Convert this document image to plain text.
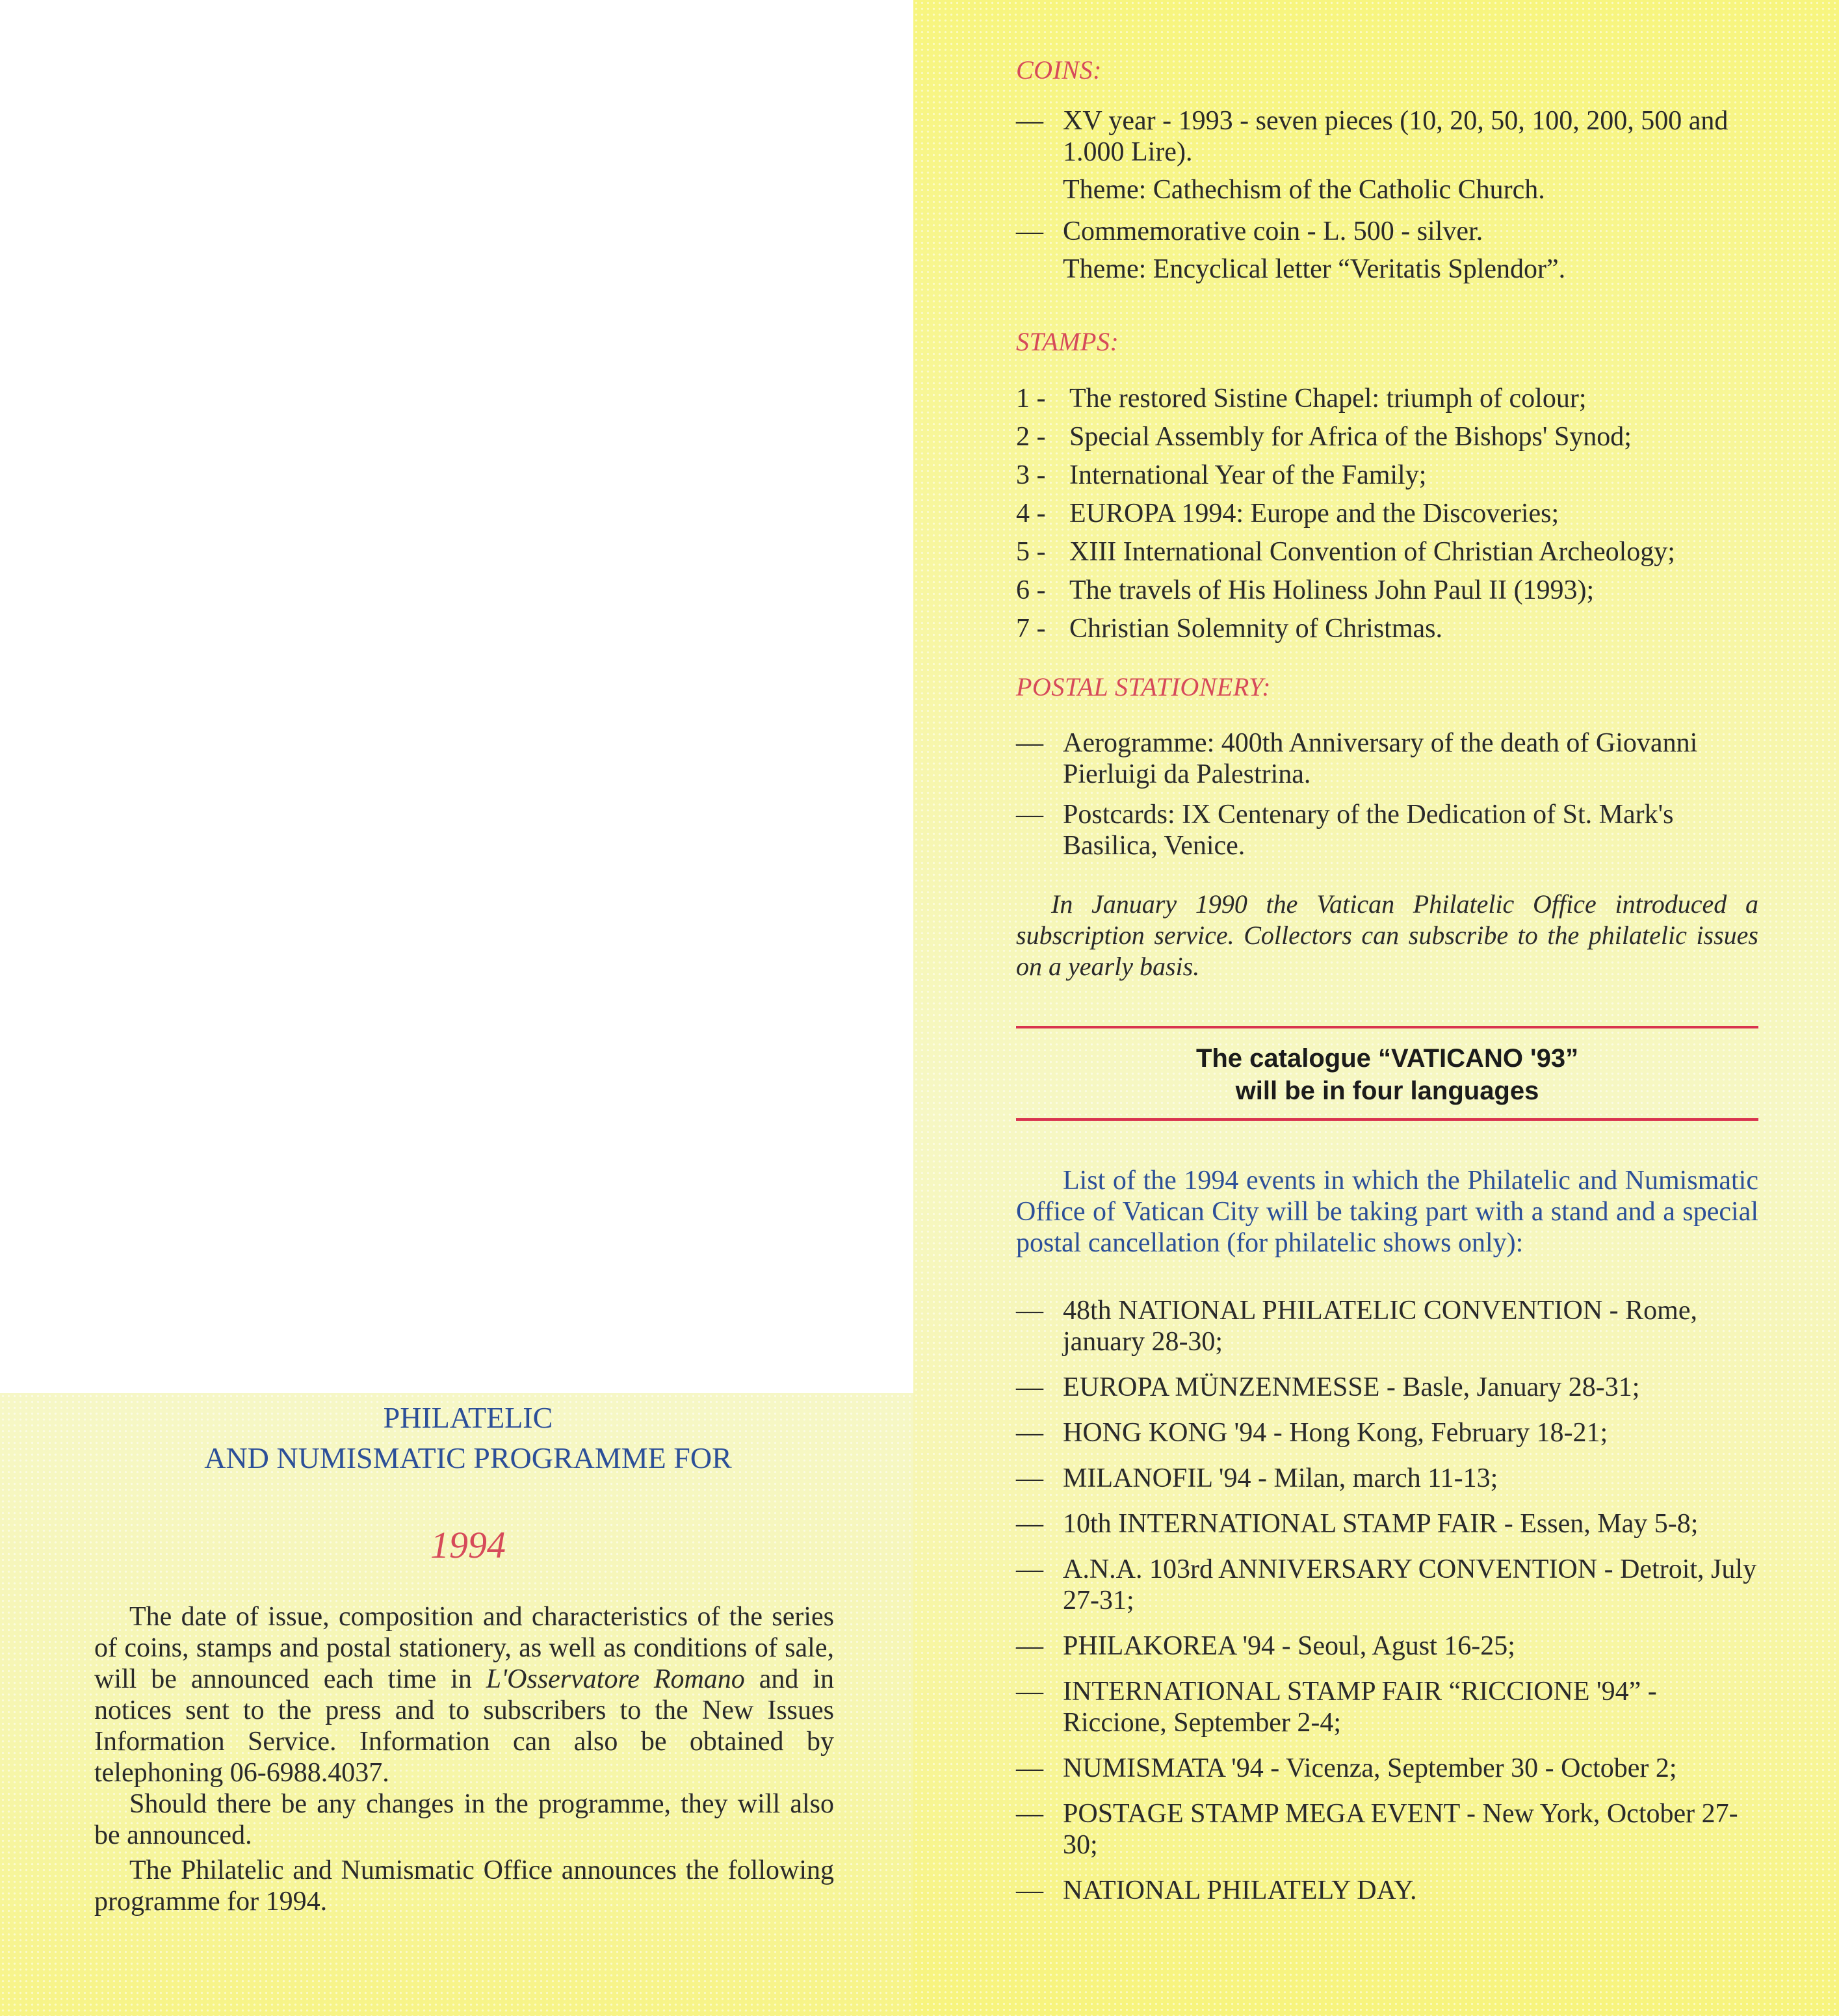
PHILATELIC
AND NUMISMATIC PROGRAMME FOR
1994

The date of issue, composition and characteristics of the series of coins, stamps and postal stationery, as well as conditions of sale, will be announced each time in L'Osservatore Romano and in notices sent to the press and to subscribers to the New Issues Information Service. Information can also be obtained by telephoning 06-6988.4037.

Should there be any changes in the programme, they will also be announced.

The Philatelic and Numismatic Office announces the following programme for 1994.

COINS:

— XV year - 1993 - seven pieces (10, 20, 50, 100, 200, 500 and 1.000 Lire).

Theme: Cathechism of the Catholic Church.

— Commemorative coin - L. 500 - silver.

Theme: Encyclical letter “Veritatis Splendor”.

STAMPS:

1 - The restored Sistine Chapel: triumph of colour;

2 - Special Assembly for Africa of the Bishops' Synod;

3 - International Year of the Family;

4 - EUROPA 1994: Europe and the Discoveries;

5 - XIII International Convention of Christian Archeology;

6 - The travels of His Holiness John Paul II (1993);

7 - Christian Solemnity of Christmas.

POSTAL STATIONERY:

— Aerogramme: 400th Anniversary of the death of Giovanni Pierluigi da Palestrina.

— Postcards: IX Centenary of the Dedication of St. Mark's Basilica, Venice.

In January 1990 the Vatican Philatelic Office introduced a subscription service. Collectors can subscribe to the philatelic issues on a yearly basis.
The catalogue “VATICANO '93”
will be in four languages
List of the 1994 events in which the Philatelic and Numismatic Office of Vatican City will be taking part with a stand and a special postal cancellation (for philatelic shows only):

— 48th NATIONAL PHILATELIC CONVENTION - Rome, january 28-30;

— EUROPA MÜNZENMESSE - Basle, January 28-31;

— HONG KONG '94 - Hong Kong, February 18-21;

— MILANOFIL '94 - Milan, march 11-13;

— 10th INTERNATIONAL STAMP FAIR - Essen, May 5-8;

— A.N.A. 103rd ANNIVERSARY CONVENTION - Detroit, July 27-31;

— PHILAKOREA '94 - Seoul, Agust 16-25;

— INTERNATIONAL STAMP FAIR “RICCIONE '94” - Riccione, September 2-4;

— NUMISMATA '94 - Vicenza, September 30 - October 2;

— POSTAGE STAMP MEGA EVENT - New York, October 27-30;

— NATIONAL PHILATELY DAY.
